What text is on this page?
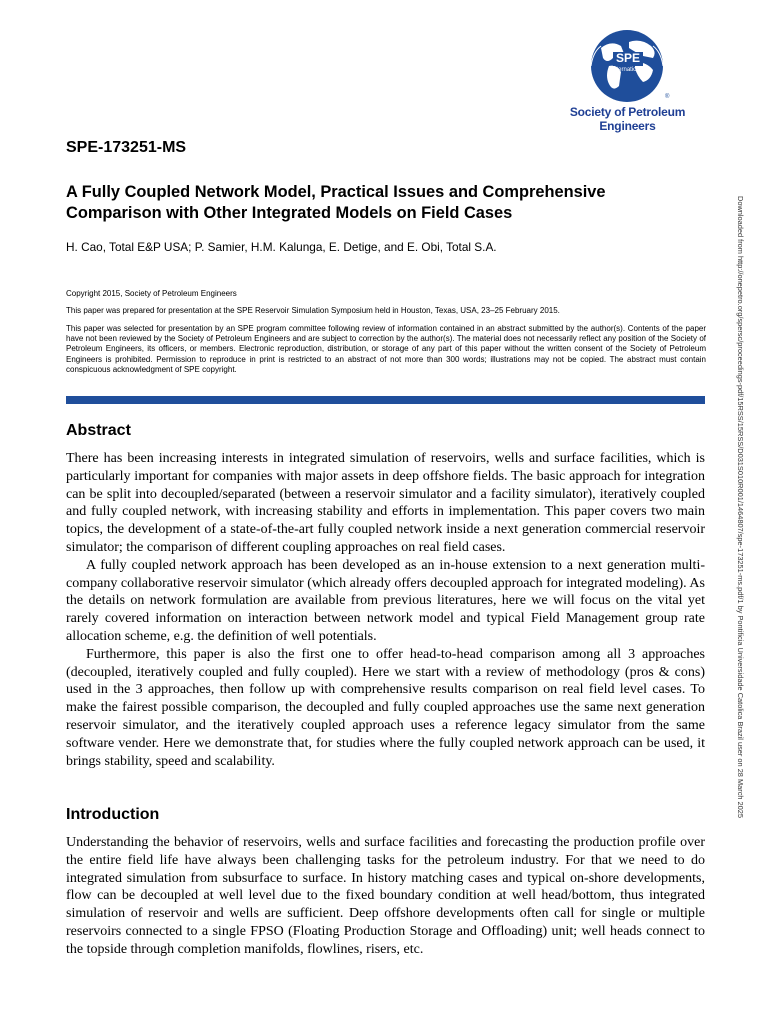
SPE
International
®
Society of Petroleum Engineers
SPE-173251-MS
A Fully Coupled Network Model, Practical Issues and Comprehensive Comparison with Other Integrated Models on Field Cases
H. Cao, Total E&P USA; P. Samier, H.M. Kalunga, E. Detige, and E. Obi, Total S.A.
Copyright 2015, Society of Petroleum Engineers
This paper was prepared for presentation at the SPE Reservoir Simulation Symposium held in Houston, Texas, USA, 23–25 February 2015.
This paper was selected for presentation by an SPE program committee following review of information contained in an abstract submitted by the author(s). Contents of the paper have not been reviewed by the Society of Petroleum Engineers and are subject to correction by the author(s). The material does not necessarily reflect any position of the Society of Petroleum Engineers, its officers, or members. Electronic reproduction, distribution, or storage of any part of this paper without the written consent of the Society of Petroleum Engineers is prohibited. Permission to reproduce in print is restricted to an abstract of not more than 300 words; illustrations may not be copied. The abstract must contain conspicuous acknowledgment of SPE copyright.
Abstract

There has been increasing interests in integrated simulation of reservoirs, wells and surface facilities, which is particularly important for companies with major assets in deep offshore fields. The basic approach for integration can be split into decoupled/separated (between a reservoir simulator and a facility simulator), iteratively coupled and fully coupled network, with increasing stability and efforts in implementation. This paper covers two main topics, the development of a state-of-the-art fully coupled network inside a next generation commercial reservoir simulator; the comparison of different coupling approaches on real field cases.

A fully coupled network approach has been developed as an in-house extension to a next generation multi-company collaborative reservoir simulator (which already offers decoupled approach for integrated modeling). As the details on network formulation are available from previous literatures, here we will focus on the vital yet rarely covered information on interaction between network model and typical Field Management group rate allocation scheme, e.g. the definition of well potentials.

Furthermore, this paper is also the first one to offer head-to-head comparison among all 3 approaches (decoupled, iteratively coupled and fully coupled). Here we start with a review of methodology (pros & cons) used in the 3 approaches, then follow up with comprehensive results comparison on real field level cases. To make the fairest possible comparison, the decoupled and fully coupled approaches use the same next generation reservoir simulator, and the iteratively coupled approach uses a reference legacy simulator from the same software vender. Here we demonstrate that, for studies where the fully coupled network approach can be used, it brings stability, speed and scalability.

Introduction

Understanding the behavior of reservoirs, wells and surface facilities and forecasting the production profile over the entire field life have always been challenging tasks for the petroleum industry. For that we need to do integrated simulation from subsurface to surface. In history matching cases and typical on-shore developments, flow can be decoupled at well level due to the fixed boundary condition at well head/bottom, thus integrated simulation of reservoir and wells are sufficient. Deep offshore developments often call for single or multiple reservoirs connected to a single FPSO (Floating Production Storage and Offloading) unit; well heads connect to the topside through completion manifolds, flowlines, risers, etc.

Downloaded from http://onepetro.org/spersc/proceedings-pdf/15RSS/15RSS/D031S010R001/1464807/spe-173251-ms.pdf/1 by Pontificia Universidade Catolica Brazil user on 28 March 2025
